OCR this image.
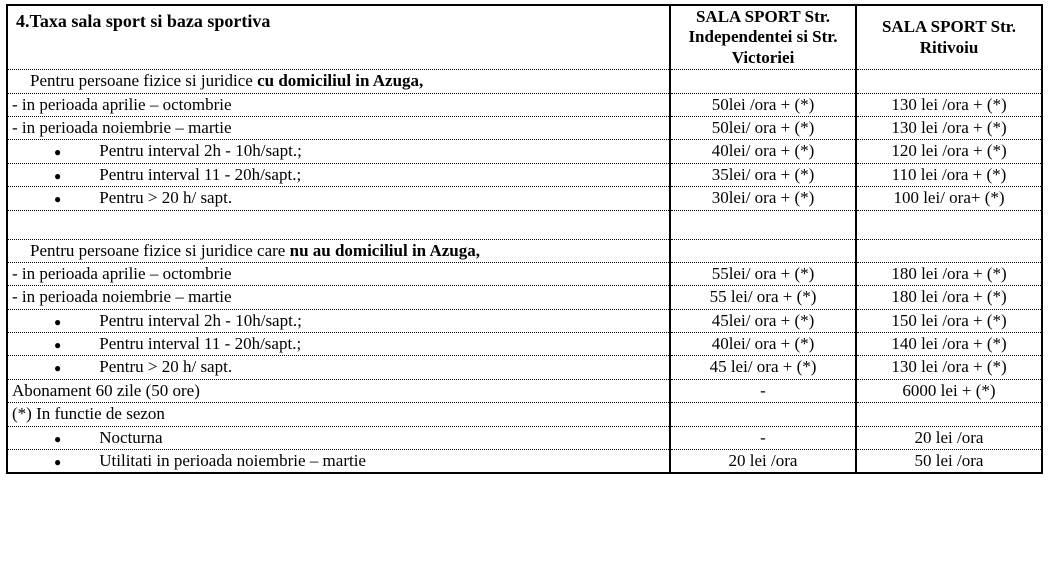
4.Taxa sala sport si baza sportiva	SALA SPORT Str. Independentei si Str. Victoriei	SALA SPORT Str. Ritivoiu
Pentru persoane fizice si juridice cu domiciliul in Azuga,		
- in perioada aprilie – octombrie	50lei /ora + (*)	130 lei /ora + (*)
- in perioada noiembrie – martie	50lei/ ora + (*)	130 lei /ora + (*)
● Pentru interval 2h - 10h/sapt.;	40lei/ ora + (*)	120 lei /ora + (*)
● Pentru interval 11 - 20h/sapt.;	35lei/ ora + (*)	110 lei /ora + (*)
● Pentru > 20 h/ sapt.	30lei/ ora + (*)	100 lei/ ora+ (*)

Pentru persoane fizice si juridice care nu au domiciliul in Azuga,		
- in perioada aprilie – octombrie	55lei/ ora + (*)	180 lei /ora + (*)
- in perioada noiembrie – martie	55 lei/ ora + (*)	180 lei /ora + (*)
● Pentru interval 2h - 10h/sapt.;	45lei/ ora + (*)	150 lei /ora + (*)
● Pentru interval 11 - 20h/sapt.;	40lei/ ora + (*)	140 lei /ora + (*)
● Pentru > 20 h/ sapt.	45 lei/ ora + (*)	130 lei /ora + (*)
Abonament 60 zile (50 ore)	-	6000 lei + (*)
(*) In functie de sezon		
● Nocturna	-	20 lei /ora
● Utilitati in perioada noiembrie – martie	20 lei /ora	50 lei /ora
